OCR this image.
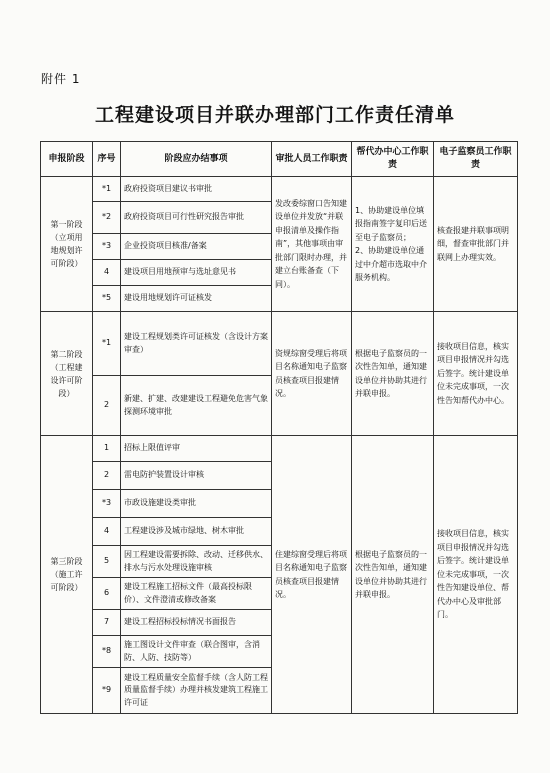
附件 1
工程建设项目并联办理部门工作责任清单
申报阶段	序号	阶段应办结事项	审批人员工作职责	帮代办中心工作职责	电子监察员工作职责
第一阶段
（立项用
地规划许
可阶段）	*1	政府投资项目建议书审批	发改委综窗口告知建设单位并发放“并联申报清单及操作指南”，其他事项由审批部门限时办理，并建立台账备查（下同）。	1、协助建设单位填报指南签字复印后送至电子监察员；
2、协助建设单位通过中介超市选取中介服务机构。	核查报建并联事项明细，督查审批部门并联网上办理实效。
	*2	政府投资项目可行性研究报告审批			
	*3	企业投资项目核准/备案			
	4	建设项目用地预审与选址意见书			
	*5	建设用地规划许可证核发			
第二阶段
（工程建
设许可阶
段）	*1	建设工程规划类许可证核发（含设计方案审查）	资规综窗受理后将项目名称通知电子监察员核查项目报建情况。	根据电子监察员的一次性告知单，通知建设单位并协助其进行并联申报。	接收项目信息，核实项目申报情况并勾选后签字。统计建设单位未完成事项，一次性告知帮代办中心。
	2	新建、扩建、改建建设工程避免危害气象探测环境审批			
第三阶段
（施工许
可阶段）	1	招标上限值评审	住建综窗受理后将项目名称通知电子监察员核查项目报建情况。	根据电子监察员的一次性告知单，通知建设单位并协助其进行并联申报。	接收项目信息，核实项目申报情况并勾选后签字。统计建设单位未完成事项，一次性告知建设单位、帮代办中心及审批部门。
	2	雷电防护装置设计审核			
	*3	市政设施建设类审批			
	4	工程建设涉及城市绿地、树木审批			
	5	因工程建设需要拆除、改动、迁移供水、排水与污水处理设施审核			
	6	建设工程施工招标文件（最高投标限价）、文件澄清或修改备案			
	7	建设工程招标投标情况书面报告			
	*8	施工图设计文件审查（联合图审，含消防、人防、技防等）			
	*9	建设工程质量安全监督手续（含人防工程质量监督手续）办理并核发建筑工程施工许可证			
